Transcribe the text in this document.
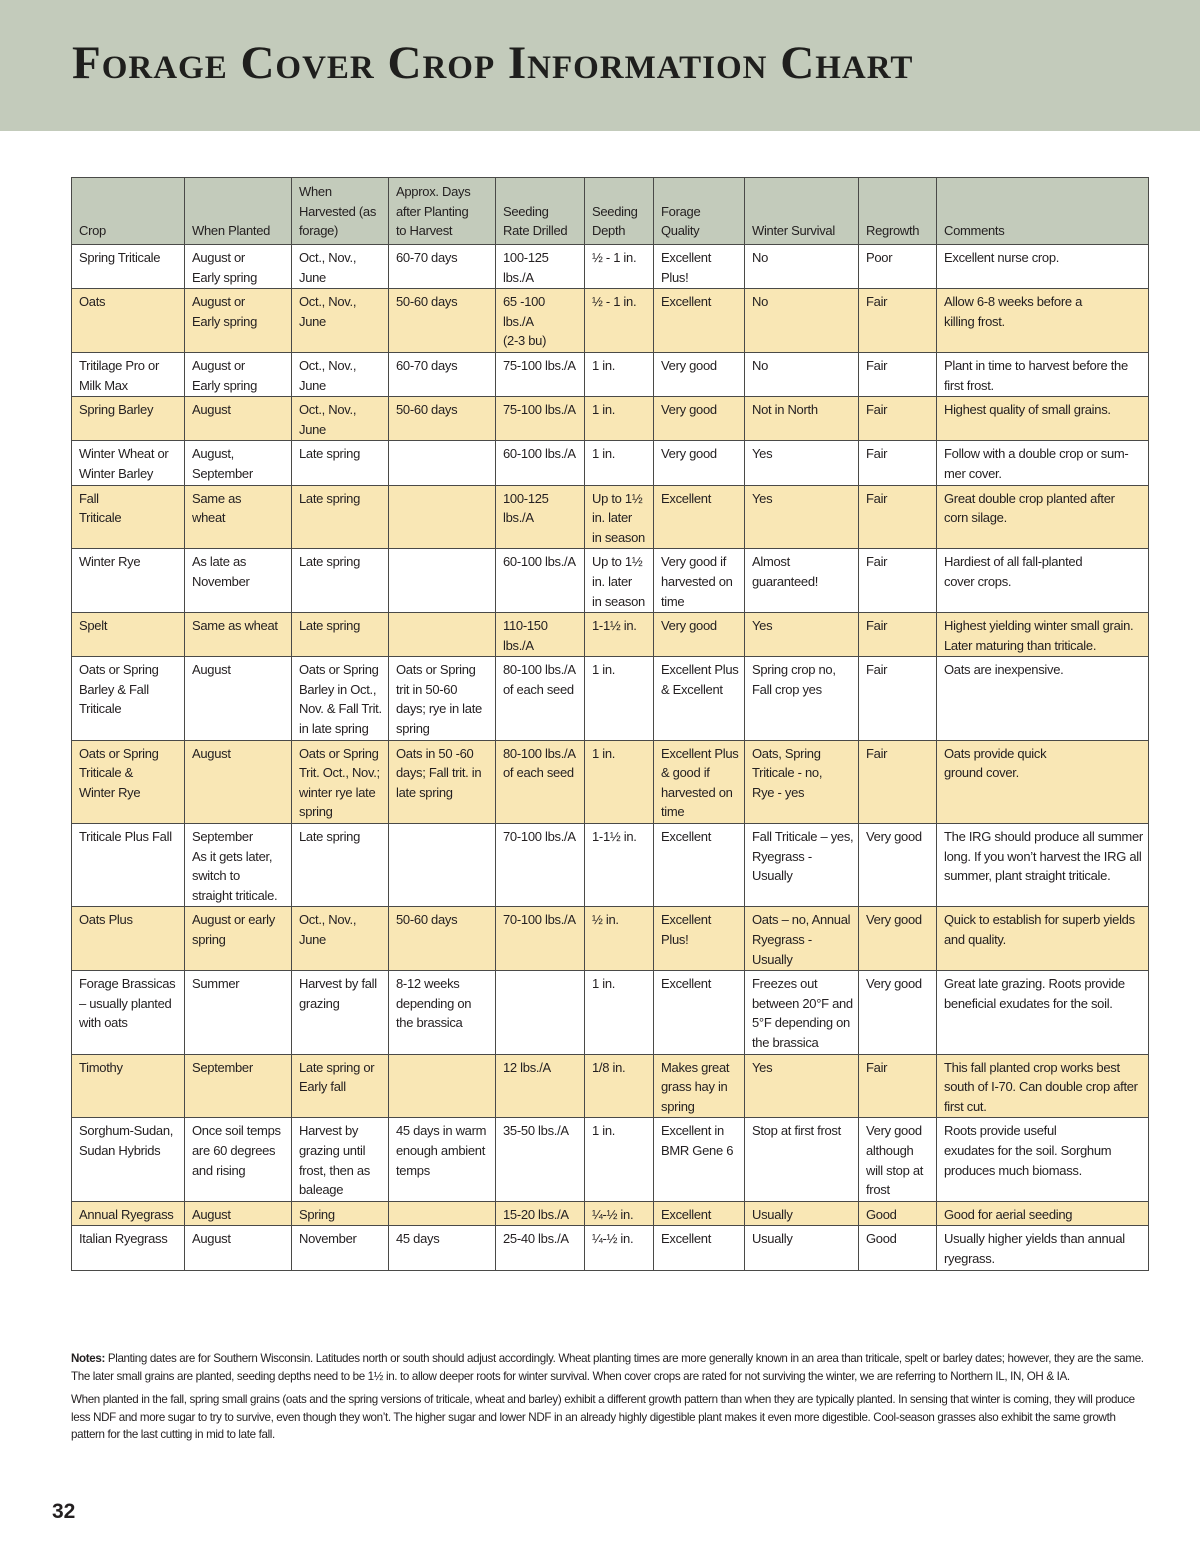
Forage Cover Crop Information Chart
Crop	When Planted	When
Harvested (as
forage)	Approx. Days
after Planting
to Harvest	Seeding
Rate Drilled	Seeding
Depth	Forage
Quality	Winter Survival	Regrowth	Comments
Spring Triticale	August or
Early spring	Oct., Nov.,
June	60-70 days	100-125
lbs./A	½ - 1 in.	Excellent
Plus!	No	Poor	Excellent nurse crop.
Oats	August or
Early spring	Oct., Nov.,
June	50-60 days	65 -100
lbs./A
(2-3 bu)	½ - 1 in.	Excellent	No	Fair	Allow 6-8 weeks before a
killing frost.
Tritilage Pro or
Milk Max	August or
Early spring	Oct., Nov.,
June	60-70 days	75-100 lbs./A	1 in.	Very good	No	Fair	Plant in time to harvest before the
first frost.
Spring Barley	August	Oct., Nov.,
June	50-60 days	75-100 lbs./A	1 in.	Very good	Not in North	Fair	Highest quality of small grains.
Winter Wheat or
Winter Barley	August,
September	Late spring		60-100 lbs./A	1 in.	Very good	Yes	Fair	Follow with a double crop or sum-
mer cover.
Fall
Triticale	Same as
wheat	Late spring		100-125
lbs./A	Up to 1½
in. later
in season	Excellent	Yes	Fair	Great double crop planted after
corn silage.
Winter Rye	As late as
November	Late spring		60-100 lbs./A	Up to 1½
in. later
in season	Very good if
harvested on
time	Almost
guaranteed!	Fair	Hardiest of all fall-planted
cover crops.
Spelt	Same as wheat	Late spring		110-150
lbs./A	1-1½ in.	Very good	Yes	Fair	Highest yielding winter small grain.
Later maturing than triticale.
Oats or Spring
Barley & Fall
Triticale	August	Oats or Spring
Barley in Oct.,
Nov. & Fall Trit.
in late spring	Oats or Spring
trit in 50-60
days; rye in late
spring	80-100 lbs./A
of each seed	1 in.	Excellent Plus
& Excellent	Spring crop no,
Fall crop yes	Fair	Oats are inexpensive.
Oats or Spring
Triticale &
Winter Rye	August	Oats or Spring
Trit. Oct., Nov.;
winter rye late
spring	Oats in 50 -60
days; Fall trit. in
late spring	80-100 lbs./A
of each seed	1 in.	Excellent Plus
& good if
harvested on
time	Oats, Spring
Triticale - no,
Rye - yes	Fair	Oats provide quick
ground cover.
Triticale Plus Fall	September
As it gets later,
switch to
straight triticale.	Late spring		70-100 lbs./A	1-1½ in.	Excellent	Fall Triticale – yes,
Ryegrass - Usually	Very good	The IRG should produce all summer
long. If you won’t harvest the IRG all
summer, plant straight triticale.
Oats Plus	August or early
spring	Oct., Nov.,
June	50-60 days	70-100 lbs./A	½ in.	Excellent
Plus!	Oats – no, Annual
Ryegrass - Usually	Very good	Quick to establish for superb yields
and quality.
Forage Brassicas
– usually planted
with oats	Summer	Harvest by fall
grazing	8-12 weeks
depending on
the brassica		1 in.	Excellent	Freezes out
between 20°F and
5°F depending on
the brassica	Very good	Great late grazing. Roots provide
beneficial exudates for the soil.
Timothy	September	Late spring or
Early fall		12 lbs./A	1/8 in.	Makes great
grass hay in
spring	Yes	Fair	This fall planted crop works best
south of I-70. Can double crop after
first cut.
Sorghum-Sudan,
Sudan Hybrids	Once soil temps
are 60 degrees
and rising	Harvest by
grazing until
frost, then as
baleage	45 days in warm
enough ambient
temps	35-50 lbs./A	1 in.	Excellent in
BMR Gene 6	Stop at first frost	Very good
although
will stop at
frost	Roots provide useful
exudates for the soil. Sorghum
produces much biomass.
Annual Ryegrass	August	Spring		15-20 lbs./A	¼-½ in.	Excellent	Usually	Good	Good for aerial seeding
Italian Ryegrass	August	November	45 days	25-40 lbs./A	¼-½ in.	Excellent	Usually	Good	Usually higher yields than annual
ryegrass.

Notes: Planting dates are for Southern Wisconsin. Latitudes north or south should adjust accordingly. Wheat planting times are more generally known in an area than triticale, spelt or barley dates; however, they are the same. The later small grains are planted, seeding depths need to be 1½ in. to allow deeper roots for winter survival. When cover crops are rated for not surviving the winter, we are referring to Northern IL, IN, OH & IA.

When planted in the fall, spring small grains (oats and the spring versions of triticale, wheat and barley) exhibit a different growth pattern than when they are typically planted. In sensing that winter is coming, they will produce less NDF and more sugar to try to survive, even though they won’t. The higher sugar and lower NDF in an already highly digestible plant makes it even more digestible. Cool-season grasses also exhibit the same growth pattern for the last cutting in mid to late fall.

32
